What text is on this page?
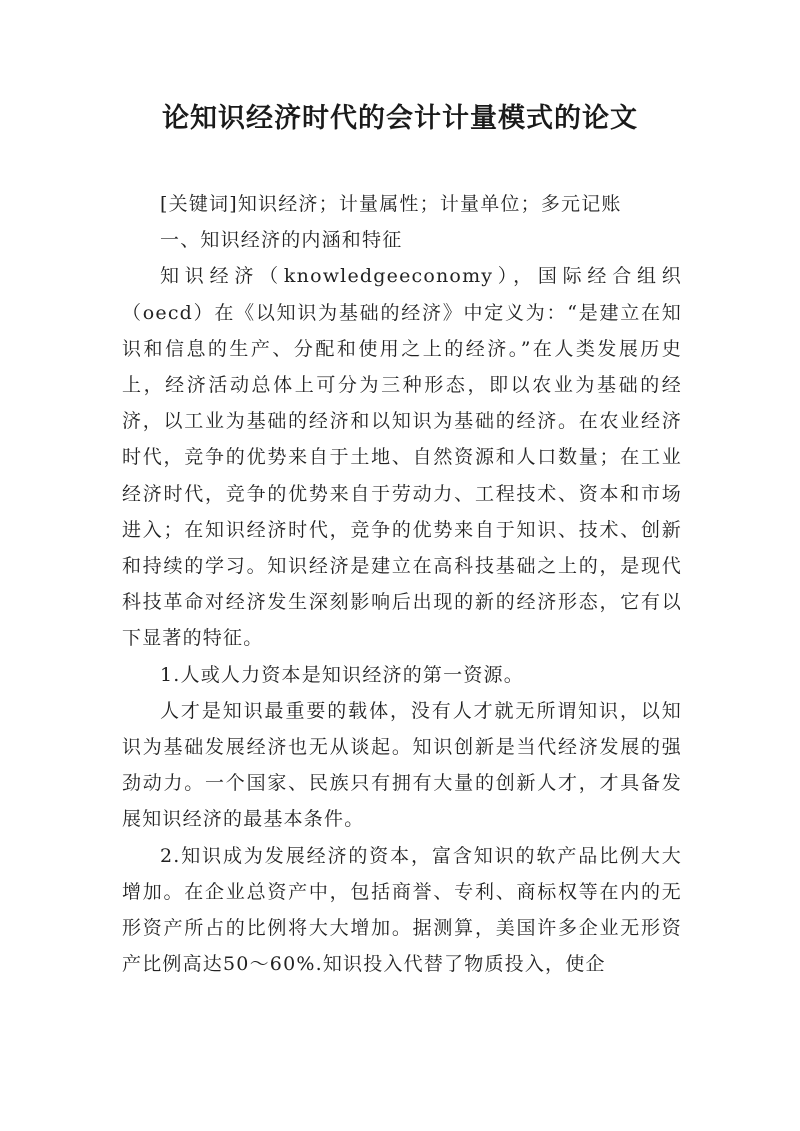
论知识经济时代的会计计量模式的论文

[关键词]知识经济；计量属性；计量单位；多元记账

一、知识经济的内涵和特征

知识经济（knowledgeeconomy），国际经合组织（oecd）在《以知识为基础的经济》中定义为：“是建立在知识和信息的生产、分配和使用之上的经济。”在人类发展历史上，经济活动总体上可分为三种形态，即以农业为基础的经济，以工业为基础的经济和以知识为基础的经济。在农业经济时代，竞争的优势来自于土地、自然资源和人口数量；在工业经济时代，竞争的优势来自于劳动力、工程技术、资本和市场进入；在知识经济时代，竞争的优势来自于知识、技术、创新和持续的学习。知识经济是建立在高科技基础之上的，是现代科技革命对经济发生深刻影响后出现的新的经济形态，它有以下显著的特征。

1.人或人力资本是知识经济的第一资源。

人才是知识最重要的载体，没有人才就无所谓知识，以知识为基础发展经济也无从谈起。知识创新是当代经济发展的强劲动力。一个国家、民族只有拥有大量的创新人才，才具备发展知识经济的最基本条件。

2.知识成为发展经济的资本，富含知识的软产品比例大大增加。在企业总资产中，包括商誉、专利、商标权等在内的无形资产所占的比例将大大增加。据测算，美国许多企业无形资产比例高达50～60%.知识投入代替了物质投入，使企
